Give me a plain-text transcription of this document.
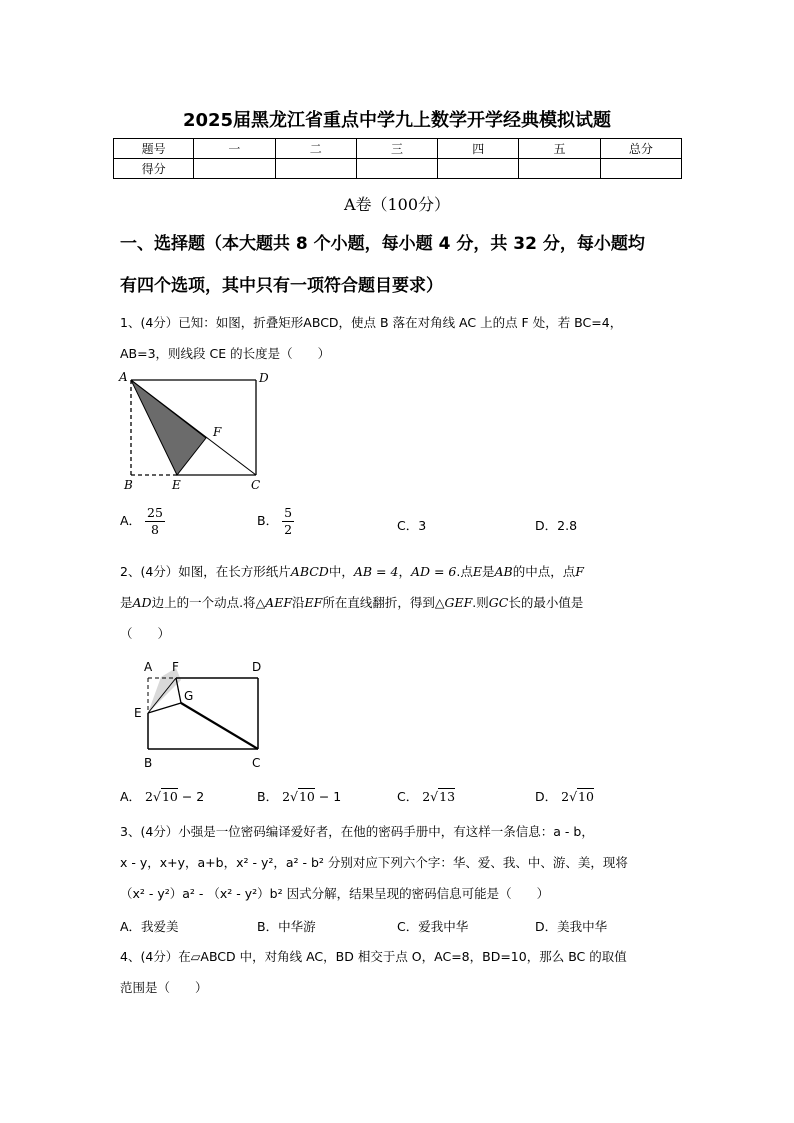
2025届黑龙江省重点中学九上数学开学经典模拟试题
题号	一	二	三	四	五	总分
得分						
A卷（100分）
一、选择题（本大题共 8 个小题，每小题 4 分，共 32 分，每小题均
有四个选项，其中只有一项符合题目要求）
1、(4分）已知：如图，折叠矩形ABCD，使点 B 落在对角线 AC 上的点 F 处，若 BC=4，
AB=3，则线段 CE 的长度是（　　）
A	D
F
B	E	C
A． $\frac{25}{8}$	B． $\frac{5}{2}$	C．3	D．2.8
2、(4分）如图，在长方形纸片ABCD中，AB = 4，AD = 6.点E是AB的中点，点F
是AD边上的一个动点.将△AEF沿EF所在直线翻折，得到△GEF.则GC长的最小值是
（　　）
A F	D
G
E
B	C
A． 2√10 − 2	B． 2√10 − 1	C． 2√13	D． 2√10
3、(4分）小强是一位密码编译爱好者，在他的密码手册中，有这样一条信息：a - b，
x - y，x+y，a+b，x² - y²，a² - b² 分别对应下列六个字：华、爱、我、中、游、美，现将
（x² - y²）a² - （x² - y²）b² 因式分解，结果呈现的密码信息可能是（　　）
A．我爱美	B．中华游	C．爱我中华	D．美我中华
4、(4分）在▱ABCD 中，对角线 AC，BD 相交于点 O，AC=8，BD=10，那么 BC 的取值
范围是（　　）
